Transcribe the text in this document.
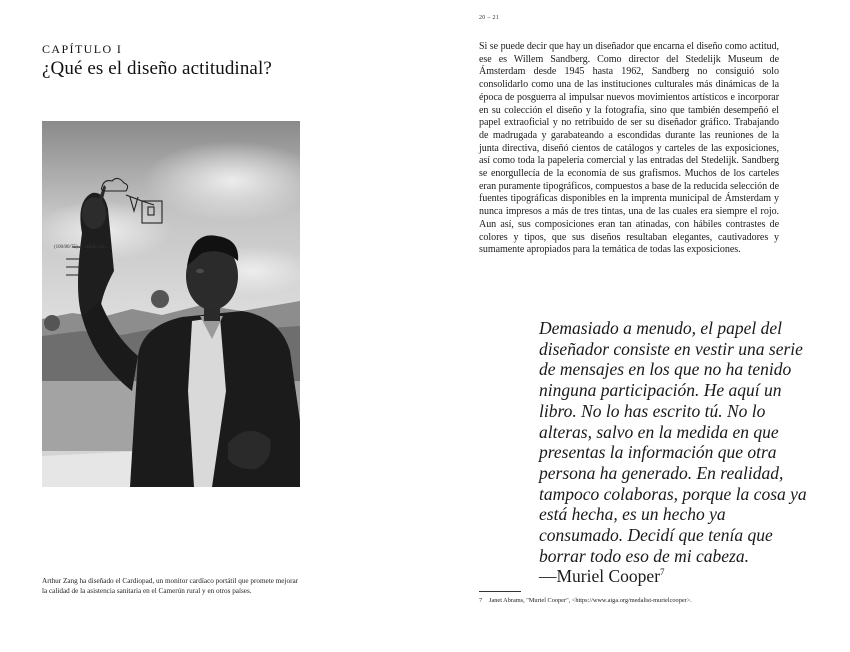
CAPÍTULO I
¿Qué es el diseño actitudinal?
(100/80/75) ... +JAX+10 ...

Arthur Zang ha diseñado el Cardiopad, un monitor cardíaco portátil que promete mejorar la calidad de la asistencia sanitaria en el Camerún rural y en otros países.

20 – 21

Si se puede decir que hay un diseñador que encarna el diseño como actitud, ese es Willem Sandberg. Como director del Stedelijk Museum de Ámsterdam desde 1945 hasta 1962, Sandberg no consiguió solo consolidarlo como una de las instituciones culturales más dinámicas de la época de posguerra al impulsar nuevos movimientos artísticos e incorporar en su colección el diseño y la fotografía, sino que también desempeñó el papel extraoficial y no retribuido de ser su diseñador gráfico. Trabajando de madrugada y garabateando a escondidas durante las reuniones de la junta directiva, diseñó cientos de catálogos y carteles de las exposiciones, así como toda la papelería comercial y las entradas del Stedelijk. Sandberg se enorgullecía de la economía de sus grafismos. Muchos de los carteles eran puramente tipográficos, compuestos a base de la reducida selección de fuentes tipográficas disponibles en la imprenta municipal de Ámsterdam y nunca impresos a más de tres tintas, una de las cuales era siempre el rojo. Aun así, sus composiciones eran tan atinadas, con hábiles contrastes de colores y tipos, que sus diseños resultaban elegantes, cautivadores y sumamente apropiados para la temática de todas las exposiciones.

Demasiado a menudo, el papel del diseñador consiste en vestir una serie de mensajes en los que no ha tenido ninguna participación. He aquí un libro. No lo has escrito tú. No lo alteras, salvo en la medida en que presentas la información que otra persona ha generado. En realidad, tampoco colaboras, porque la cosa ya está hecha, es un hecho ya consumado. Decidí que tenía que borrar todo eso de mi cabeza.
—Muriel Cooper$^7$

7 Janet Abrams, "Muriel Cooper", <https://www.aiga.org/medalist-murielcooper>.
